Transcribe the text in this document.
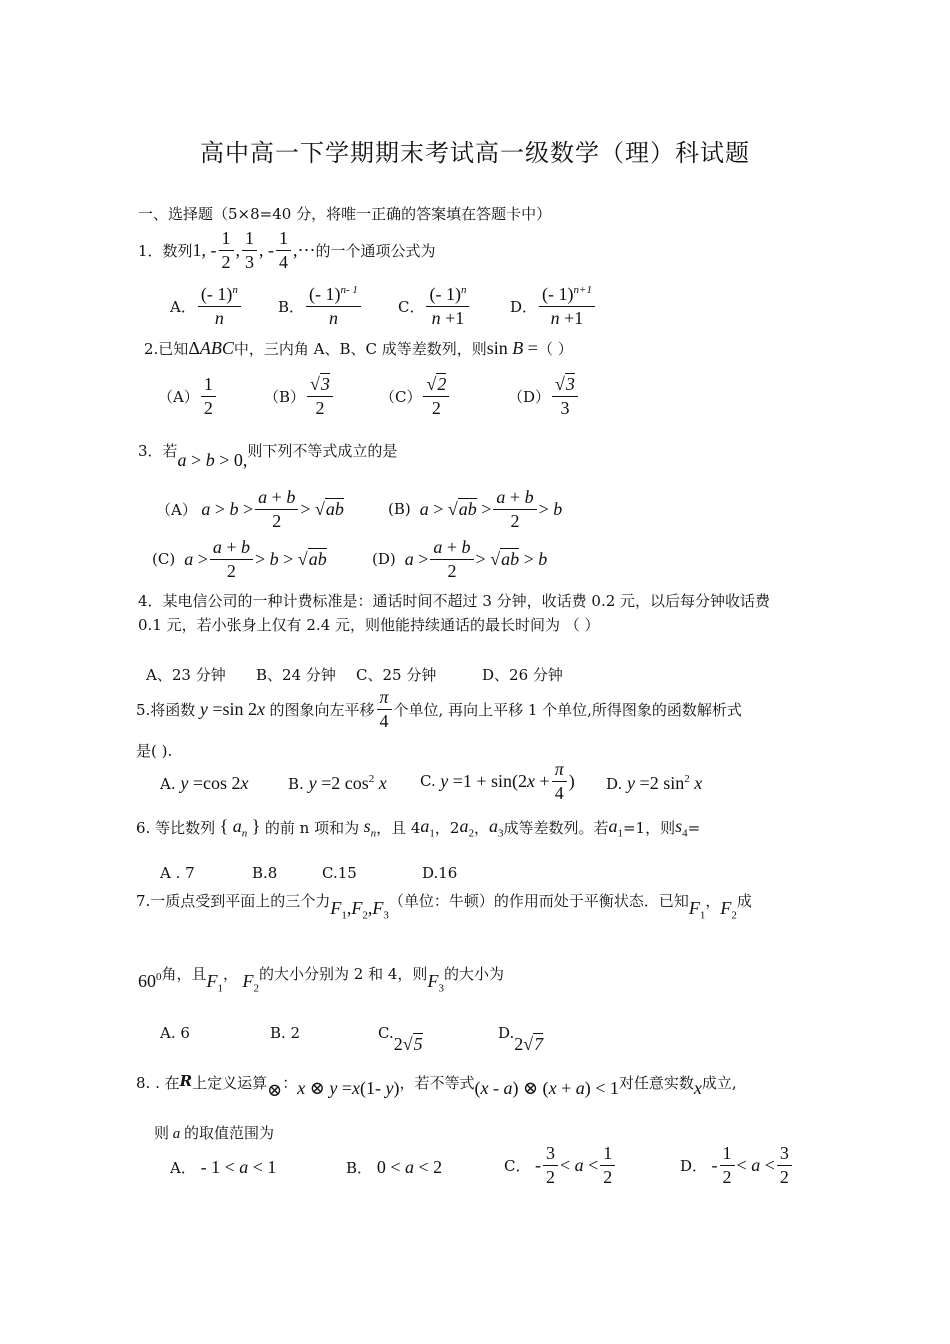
高中高一下学期期末考试高一级数学（理）科试题
一、选择题（5×8=40 分，将唯一正确的答案填在答题卡中）
1．数列 1, - $\frac{1}{2}$ , $\frac{1}{3}$ , - $\frac{1}{4}$ ,⋯ 的一个通项公式为
A． $\frac{(- 1)^n}{n}$ B． $\frac{(- 1)^{n- 1}}{n}$ C． $\frac{(- 1)^n}{n +1}$	D． $\frac{(- 1)^{n+1}}{n +1}$
2.已知 ΔABC 中，三内角 A、B、C 成等差数列，则 sin B = （ ）
$(A) \frac{1}{2}$	$(B) \frac{√3}{2}$	$(C) \frac{√2}{2}$	$(D) \frac{√3}{3}$
3．若 a > b > 0, 则下列不等式成立的是
（A） $a > b > \frac{a + b}{2} > √ab$	(B) $a > √ab > \frac{a + b}{2} > b$
(C) $a > \frac{a + b}{2} > b > √ab$	(D) $a > \frac{a + b}{2} > √ab > b$
4．某电信公司的一种计费标准是：通话时间不超过 3 分钟，收话费 0.2 元，以后每分钟收话费
0.1 元，若小张身上仅有 2.4 元，则他能持续通话的最长时间为 （ ）
A、23 分钟 B、24 分钟 C、25 分钟	D、26 分钟
5.将函数 y =sin 2x 的图象向左平移 $\frac{\pi}{4}$ 个单位, 再向上平移 1 个单位,所得图象的函数解析式
是( ).
A. y =cos 2x	B. y =2 $\cos^2 x$ C. $y =1 + \sin(2x + \frac{\pi}{4}$ ) D. y =2 $\sin^2 x$
6. 等比数列 { $a_n$ } 的前 n 项和为 $s_n$ ，且 4 $a_1$ ，2 $a_2$ ， $a_3$ 成等差数列。若 $a_1 =1$，则 $s_4$ =
A . 7	B.8	C.15	D.16
7.一质点受到平面上的三个力 $F_1,F_2,F_3$
（单位：牛顿）的作用而处于平衡状态．已知 $F_1$
， $F_2$
成
$60^0$ 角，且 $F_1$
， $F_2$
的大小分别为 2 和 4，则 $F_3$
的大小为
A. 6	B. 2	C.
2√5
D.
2√7
8. . 在 R 上定义运算 ⊗ ： x ⊗ y =x(1- y) ，若不等式 (x - a) ⊗ (x + a) < 1 对任意实数 x 成立,
则 a 的取值范围为
A． - 1 < a < 1	B． 0 < a < 2	C． - $\frac{3}{2} < a < \frac{1}{2}$	D． - $\frac{1}{2} < a < \frac{3}{2}$
